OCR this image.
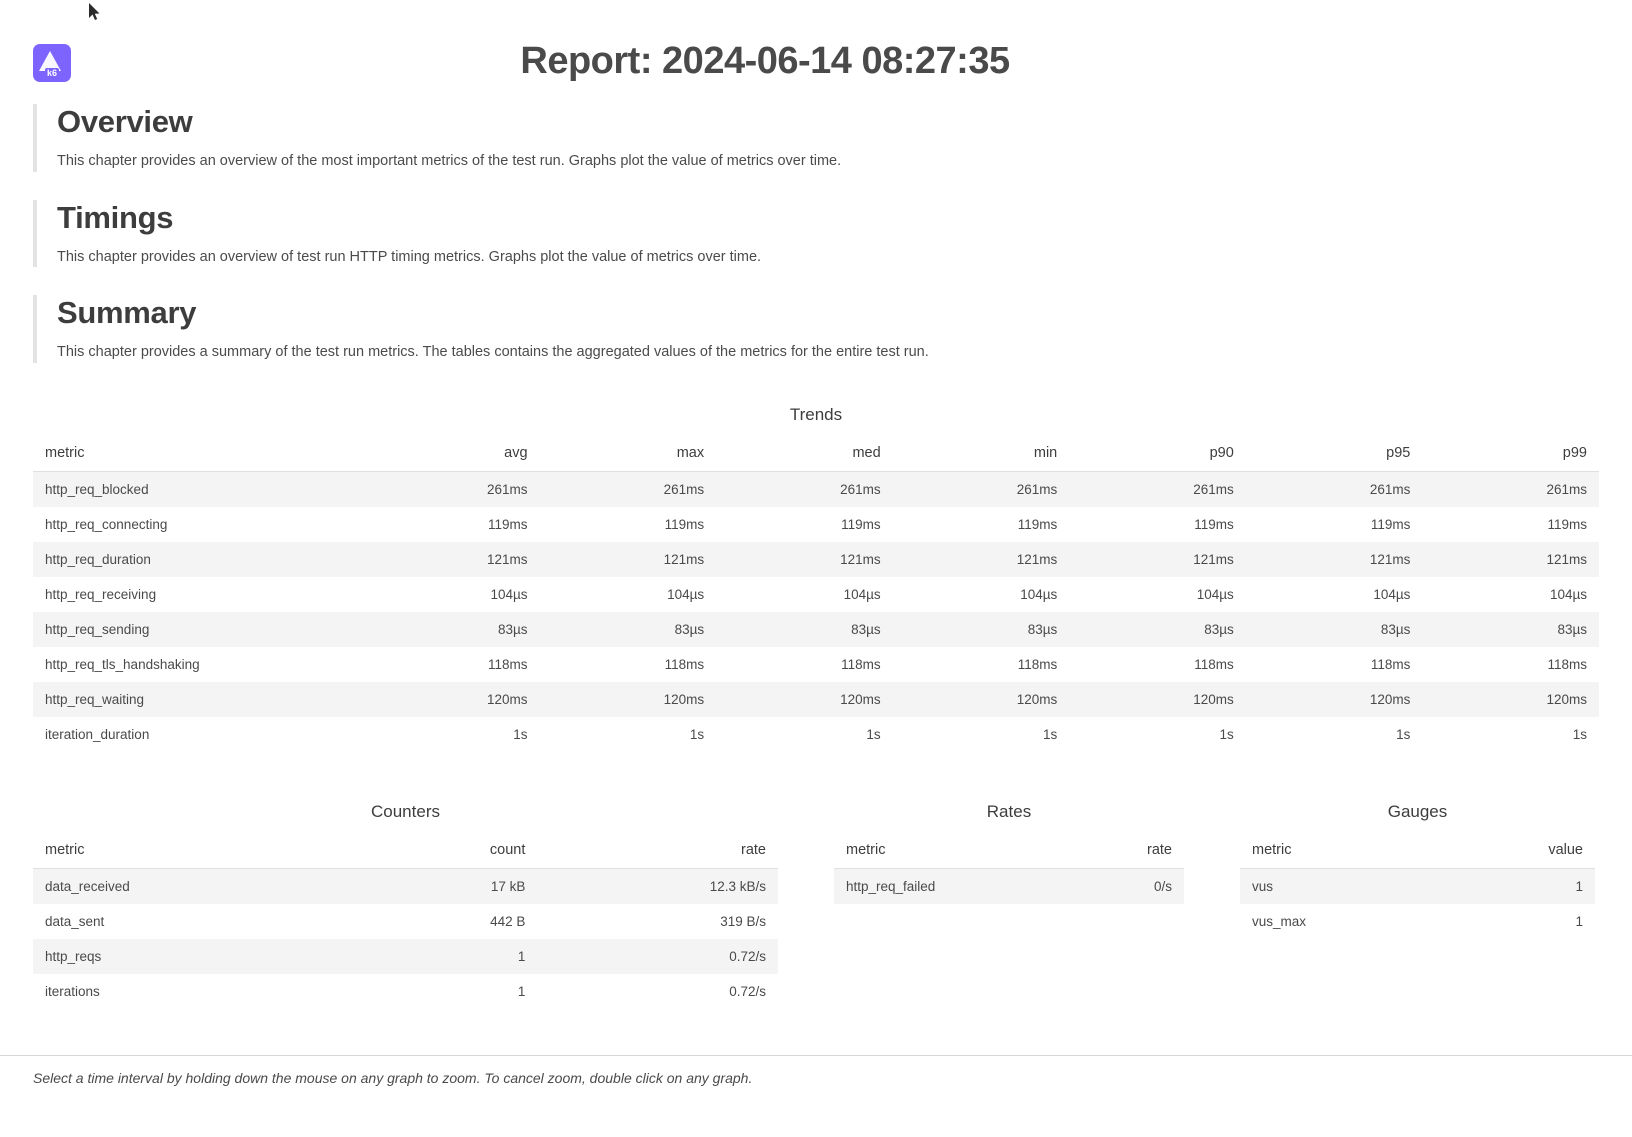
k6	Report: 2024-06-14 08:27:35
Overview

This chapter provides an overview of the most important metrics of the test run. Graphs plot the value of metrics over time.

Timings

This chapter provides an overview of test run HTTP timing metrics. Graphs plot the value of metrics over time.

Summary

This chapter provides a summary of the test run metrics. The tables contains the aggregated values of the metrics for the entire test run.

Trends
metric	avg	max	med	min	p90	p95	p99
http_req_blocked	261ms	261ms	261ms	261ms	261ms	261ms	261ms
http_req_connecting	119ms	119ms	119ms	119ms	119ms	119ms	119ms
http_req_duration	121ms	121ms	121ms	121ms	121ms	121ms	121ms
http_req_receiving	104µs	104µs	104µs	104µs	104µs	104µs	104µs
http_req_sending	83µs	83µs	83µs	83µs	83µs	83µs	83µs
http_req_tls_handshaking	118ms	118ms	118ms	118ms	118ms	118ms	118ms
http_req_waiting	120ms	120ms	120ms	120ms	120ms	120ms	120ms
iteration_duration	1s	1s	1s	1s	1s	1s	1s
Counters
metric	count	rate
data_received	17 kB	12.3 kB/s
data_sent	442 B	319 B/s
http_reqs	1	0.72/s
iterations	1	0.72/s
Rates
metric	rate
http_req_failed	0/s
Gauges
metric	value
vus	1
vus_max	1
Select a time interval by holding down the mouse on any graph to zoom. To cancel zoom, double click on any graph.
